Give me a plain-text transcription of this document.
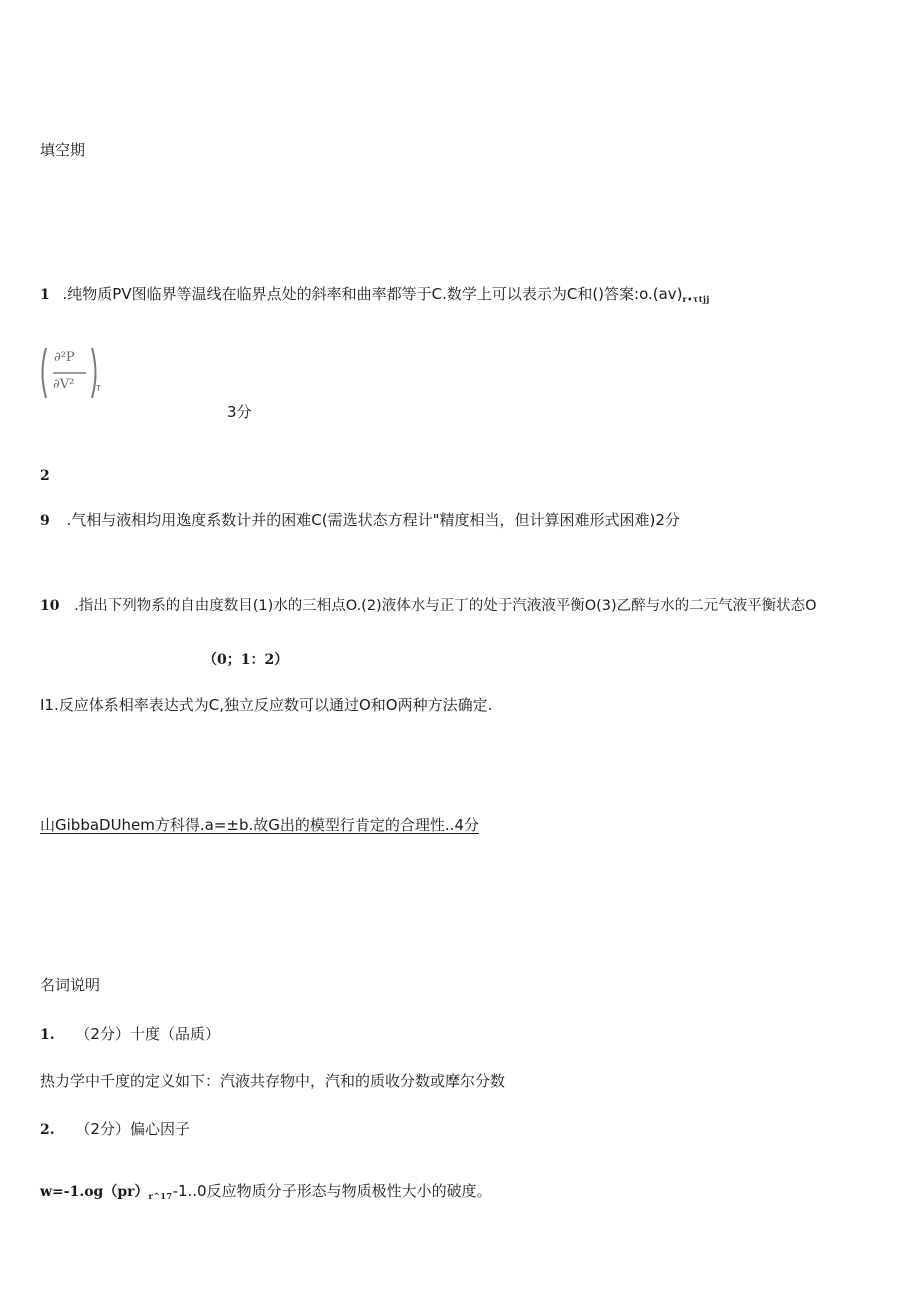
填空期
1 .纯物质PV图临界等温线在临界点处的斜率和曲率都等于C.数学上可以表示为C和()答案$:o.(av)_{r•\tau tjj}$
∂²P
∂V²	T
3分
2
9 .气相与液相均用逸度系数计并的困难C(需选状态方程计"精度相当，但计算困难形式困难)2分
10 .指出下列物系的自由度数目(1)水的三相点O.(2)液体水与正丁的处于汽液液平衡O(3)乙醉与水的二元气液平衡状态O
（0；1：2）
I1.反应体系相率表达式为C,独立反应数可以通过O和O两种方法确定.
山GibbaDUhem方科得.a=±b.故G出的模型行肯定的合理性..4分
名词说明
1. （2分）十度（品质）
热力学中千度的定义如下：汽液共存物中，汽和的质收分数或摩尔分数
2. （2分）偏心因子
$w=-1.og(pr)_{r\^{}17}-1..0$反应物质分子形态与物质极性大小的破度。
